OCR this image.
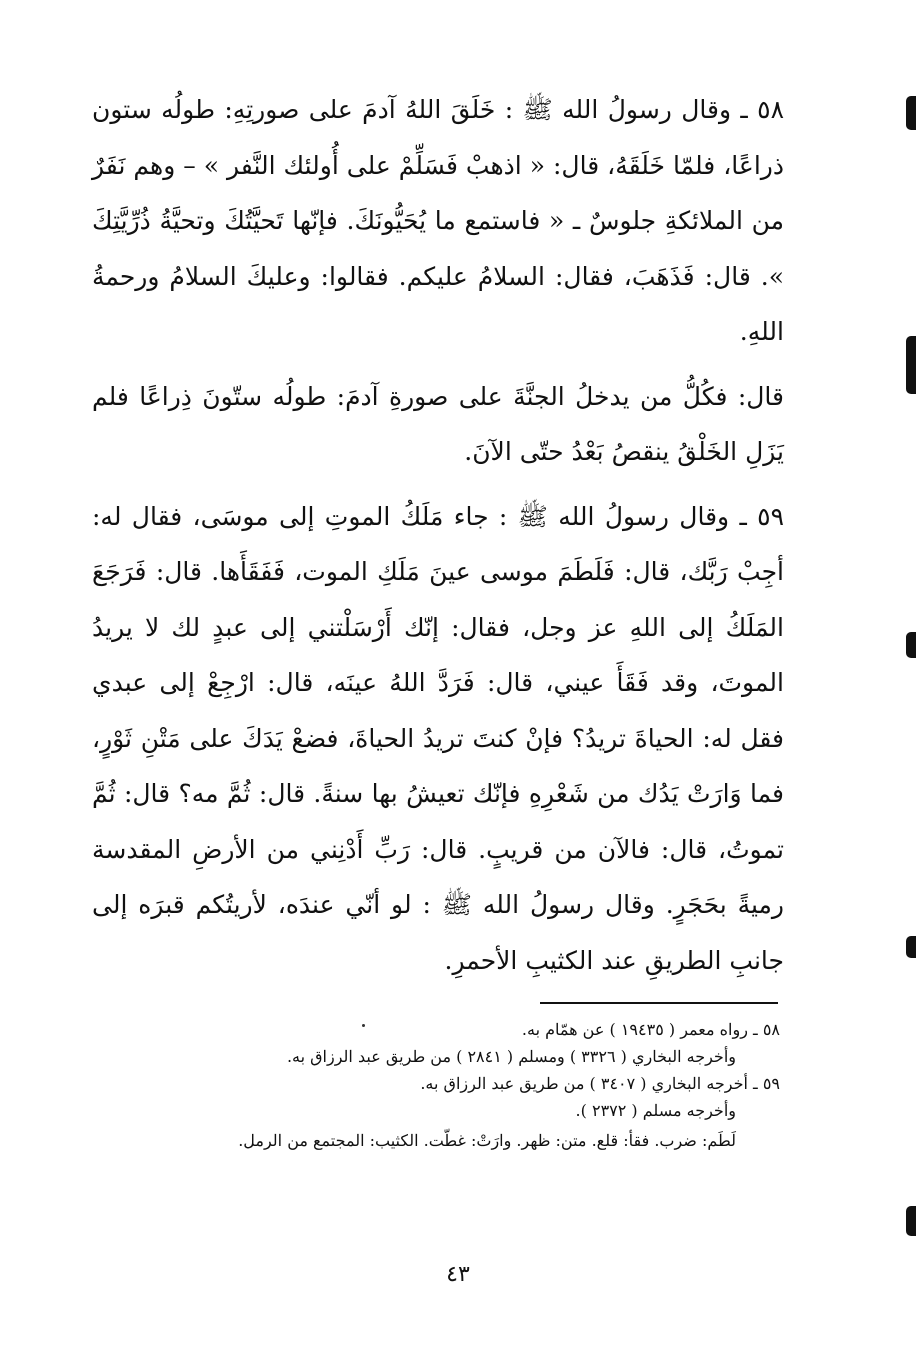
٥٨ ـ وقال رسولُ الله ﷺ : خَلَقَ اللهُ آدمَ على صورتِهِ: طولُه ستون ذراعًا، فلمّا خَلَقَهُ، قال: « اذهبْ فَسَلِّمْ على أُولئك النَّفر » – وهم نَفَرٌ من الملائكةِ جلوسٌ ـ « فاستمع ما يُحَيُّونَكَ. فإنّها تَحيَّتُكَ وتحيَّةُ ذُرِّيَّتِكَ ». قال: فَذَهَبَ، فقال: السلامُ عليكم. فقالوا: وعليكَ السلامُ ورحمةُ اللهِ.

قال: فكُلُّ من يدخلُ الجنَّةَ على صورةِ آدمَ: طولُه ستّونَ ذِراعًا فلم يَزَلِ الخَلْقُ ينقصُ بَعْدُ حتّى الآنَ.

٥٩ ـ وقال رسولُ الله ﷺ : جاء مَلَكُ الموتِ إلى موسَى، فقال له: أجِبْ رَبَّك، قال: فَلَطَمَ موسى عينَ مَلَكِ الموت، فَفَقَأَها. قال: فَرَجَعَ المَلَكُ إلى اللهِ عز وجل، فقال: إنّك أَرْسَلْتني إلى عبدٍ لك لا يريدُ الموتَ، وقد فَقَأَ عيني، قال: فَرَدَّ اللهُ عينَه، قال: ارْجِعْ إلى عبدي فقل له: الحياةَ تريدُ؟ فإنْ كنتَ تريدُ الحياةَ، فضعْ يَدَكَ على مَتْنِ ثَوْرٍ، فما وَارَتْ يَدُك من شَعْرِهِ فإنّك تعيشُ بها سنةً. قال: ثُمَّ مه؟ قال: ثُمَّ تموتُ، قال: فالآن من قريبٍ. قال: رَبِّ أَدْنِني من الأرضِ المقدسة رميةً بحَجَرٍ. وقال رسولُ الله ﷺ : لو أنّي عندَه، لأريتُكم قبرَه إلى جانبِ الطريقِ عند الكثيبِ الأحمرِ.

٥٨ ـ رواه معمر ( ١٩٤٣٥ ) عن همّام به.
وأخرجه البخاري ( ٣٣٢٦ ) ومسلم ( ٢٨٤١ ) من طريق عبد الرزاق به.
٥٩ ـ أخرجه البخاري ( ٣٤٠٧ ) من طريق عبد الرزاق به.
وأخرجه مسلم ( ٢٣٧٢ ).
لَطَم: ضرب. فقأ: قلع. متن: ظهر. وارَتْ: غطّت. الكثيب: المجتمع من الرمل.
٤٣
